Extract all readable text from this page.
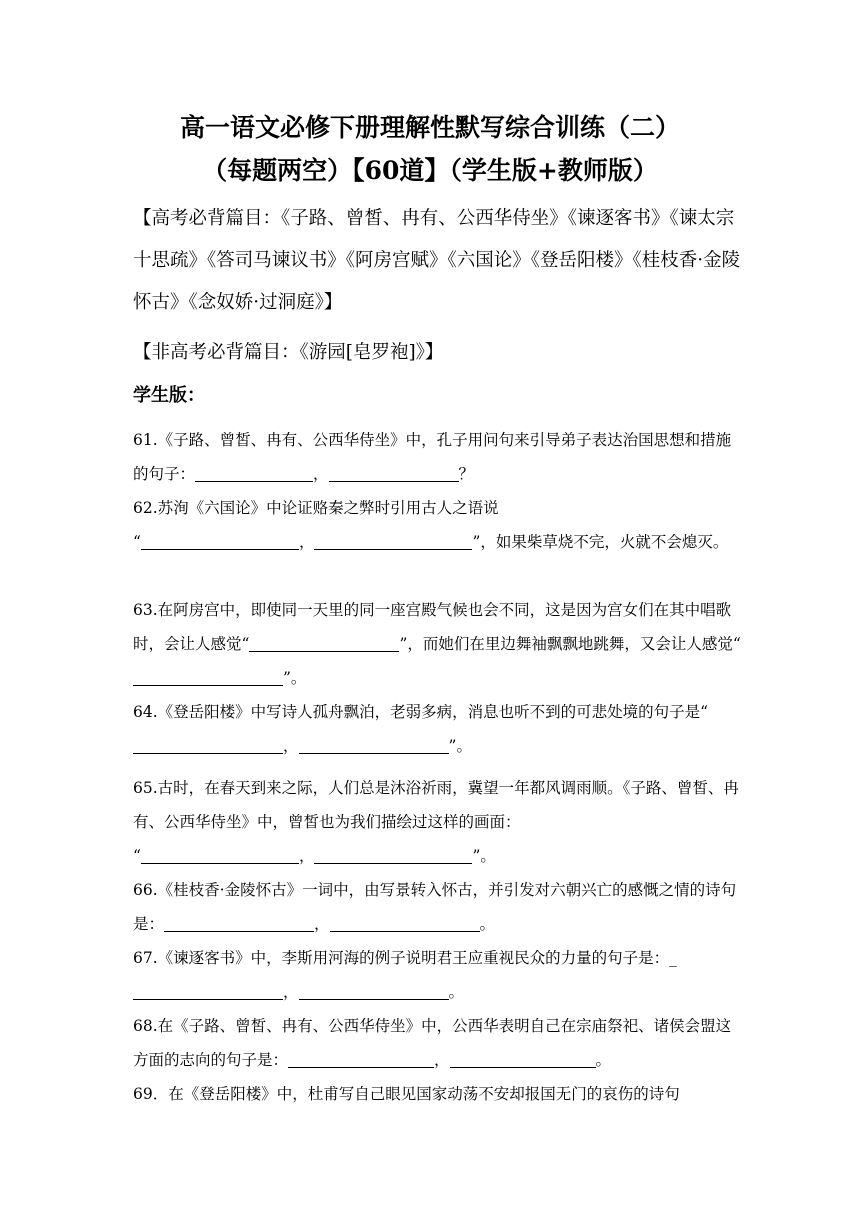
高一语文必修下册理解性默写综合训练（二）
（每题两空）【60道】（学生版+教师版）
【高考必背篇目：《子路、曾皙、冉有、公西华侍坐》《谏逐客书》《谏太宗十思疏》《答司马谏议书》《阿房宫赋》《六国论》《登岳阳楼》《桂枝香·金陵怀古》《念奴娇·过洞庭》】
【非高考必背篇目：《游园[皂罗袍]》】
学生版：
61.《子路、曾皙、冉有、公西华侍坐》中，孔子用问句来引导弟子表达治国思想和措施的句子：	，	？
62.苏洵《六国论》中论证赂秦之弊时引用古人之语说
“	，	”，如果柴草烧不完，火就不会熄灭。
63.在阿房宫中，即使同一天里的同一座宫殿气候也会不同，这是因为宫女们在其中唱歌时，会让人感觉“	”，而她们在里边舞袖飘飘地跳舞，又会让人感觉“”。
64.《登岳阳楼》中写诗人孤舟飘泊，老弱多病，消息也听不到的可悲处境的句子是“，	”。
65.古时，在春天到来之际，人们总是沐浴祈雨，冀望一年都风调雨顺。《子路、曾皙、冉有、公西华侍坐》中，曾皙也为我们描绘过这样的画面：
“	，	”。
66.《桂枝香·金陵怀古》一词中，由写景转入怀古，并引发对六朝兴亡的感慨之情的诗句是：	，	。
67.《谏逐客书》中，李斯用河海的例子说明君王应重视民众的力量的句子是：_，	。
68.在《子路、曾皙、冉有、公西华侍坐》中，公西华表明自己在宗庙祭祀、诸侯会盟这方面的志向的句子是：	，	。
69．在《登岳阳楼》中，杜甫写自己眼见国家动荡不安却报国无门的哀伤的诗句
